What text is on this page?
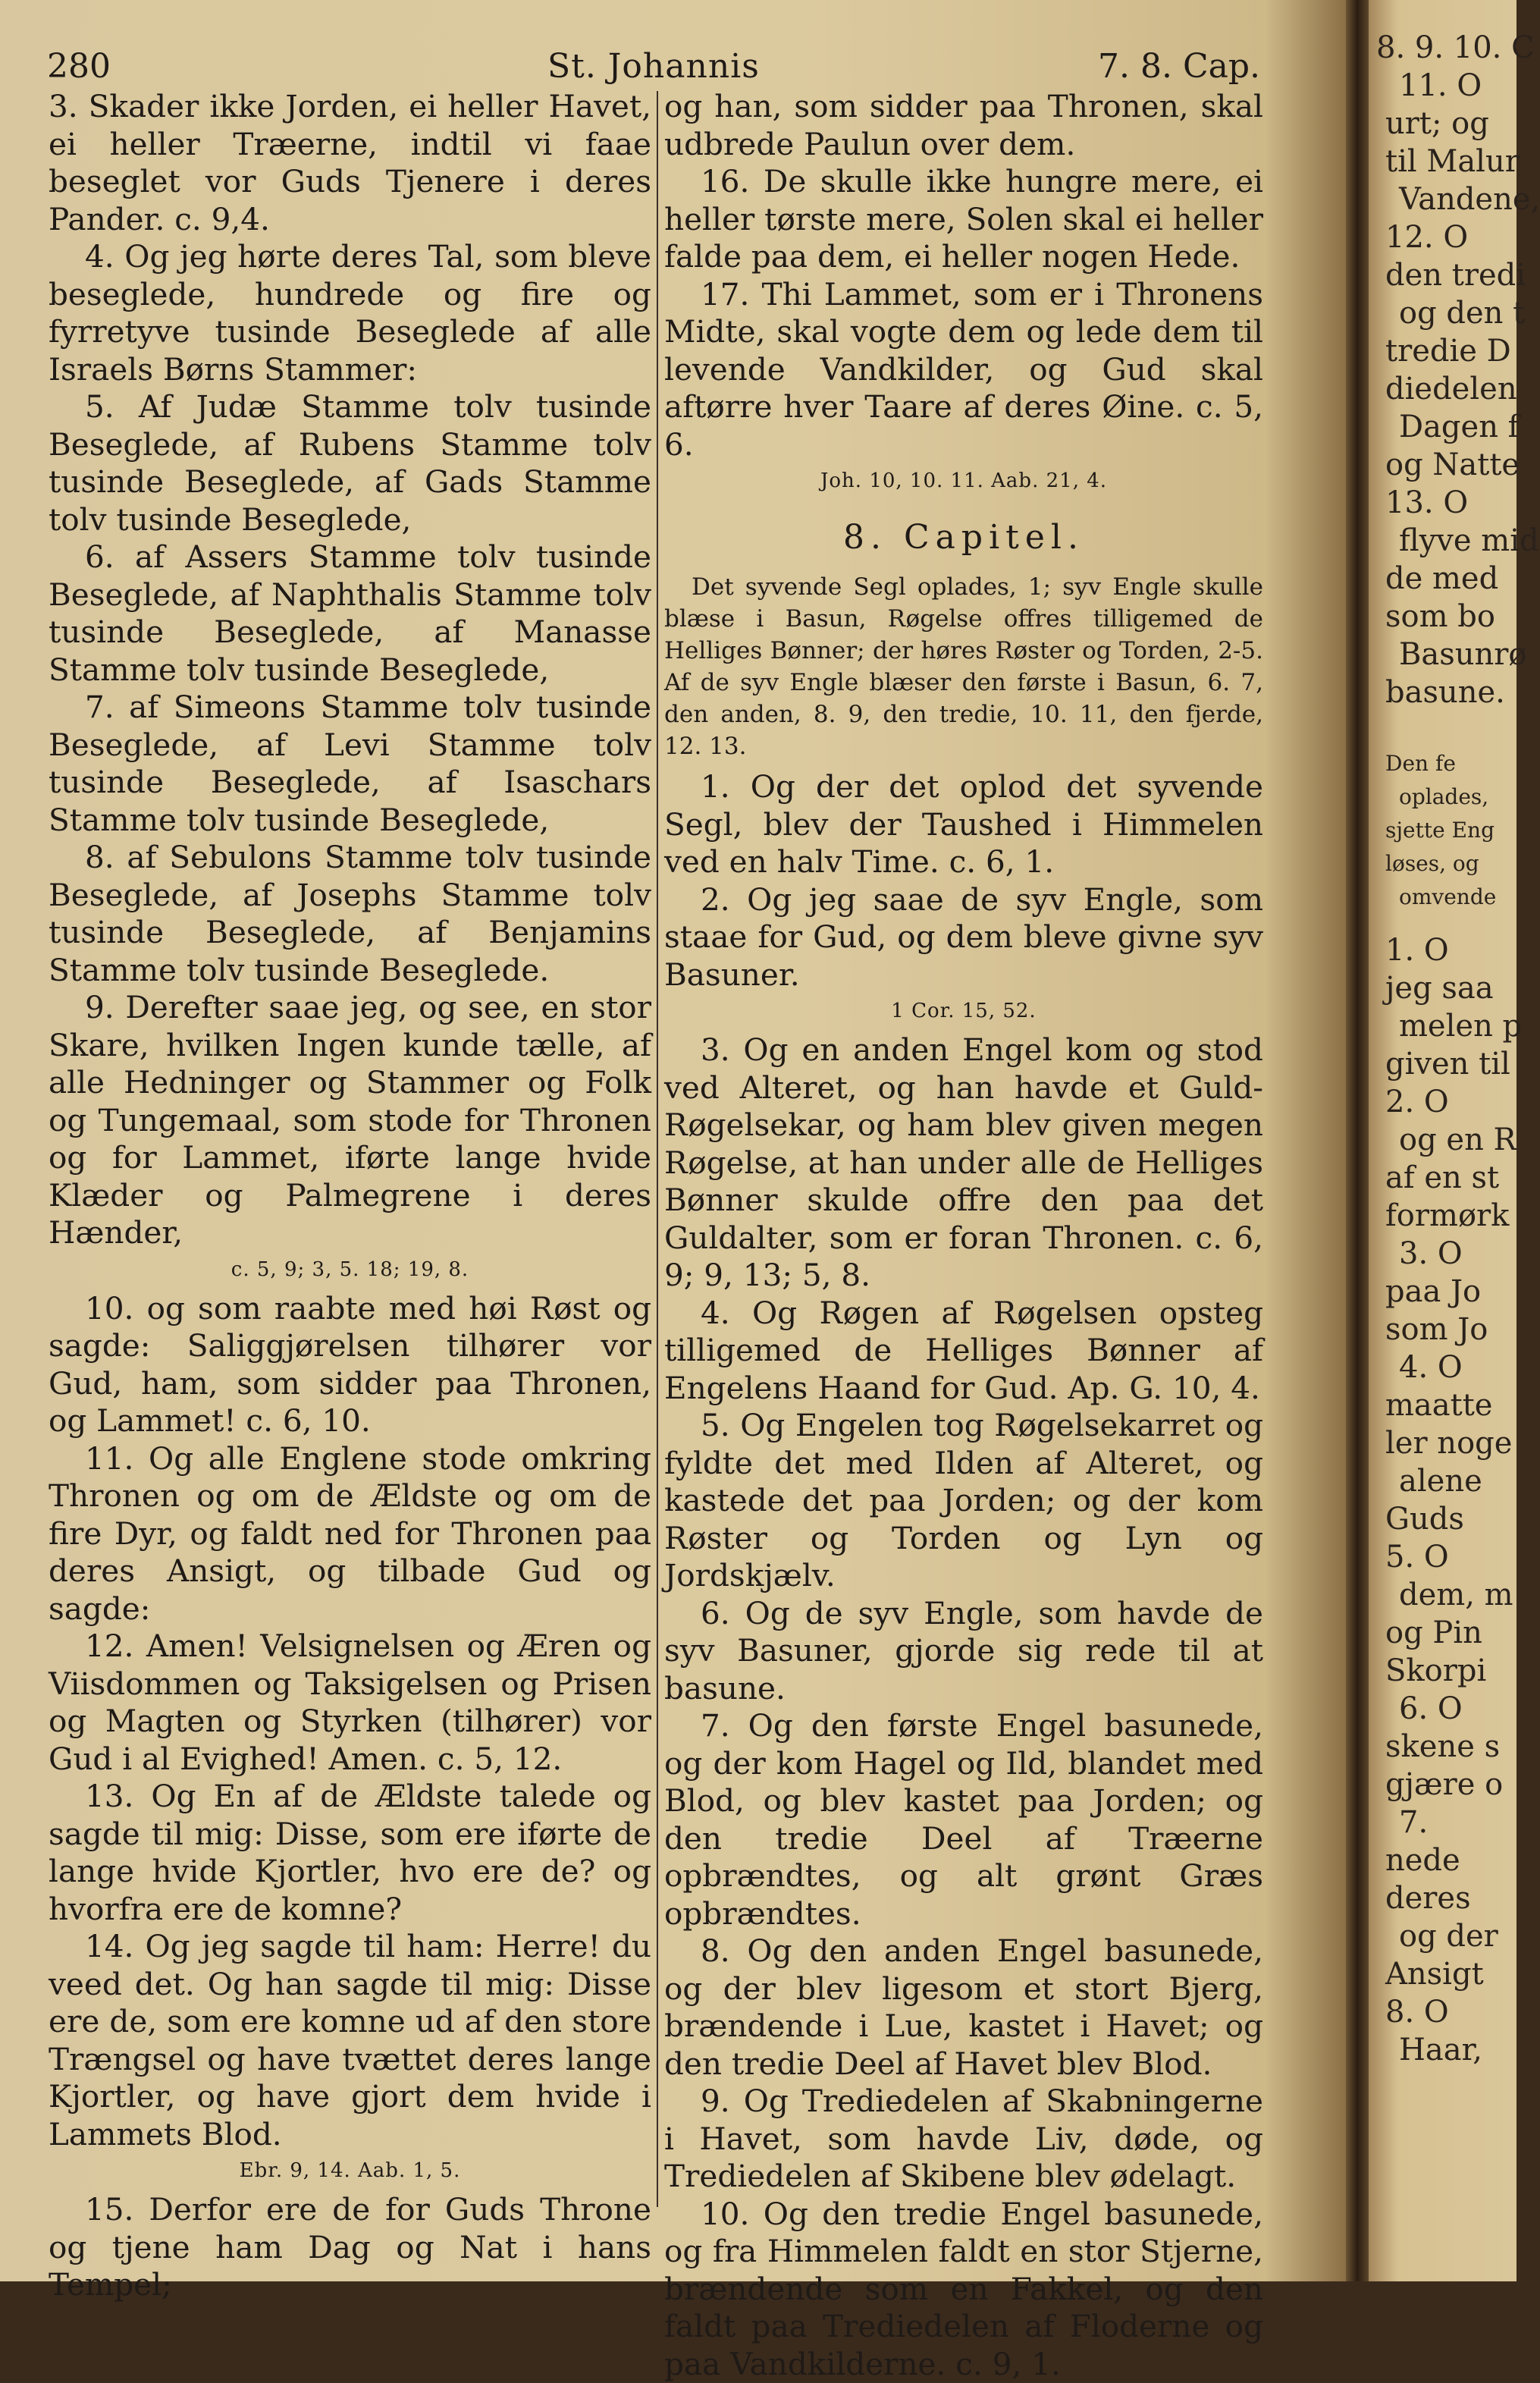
280	St. Johannis	7. 8. Cap.

3. Skader ikke Jorden, ei heller Havet, ei heller Træerne, indtil vi faae beseglet vor Guds Tjenere i deres Pander. c. 9,4.

4. Og jeg hørte deres Tal, som bleve beseglede, hundrede og fire og fyrretyve tusinde Beseglede af alle Israels Børns Stammer:

5. Af Judæ Stamme tolv tusinde Beseglede, af Rubens Stamme tolv tusinde Beseglede, af Gads Stamme tolv tusinde Beseglede,

6. af Assers Stamme tolv tusinde Beseglede, af Naphthalis Stamme tolv tusinde Beseglede, af Manasse Stamme tolv tusinde Beseglede,

7. af Simeons Stamme tolv tusinde Beseglede, af Levi Stamme tolv tusinde Beseglede, af Isaschars Stamme tolv tusinde Beseglede,

8. af Sebulons Stamme tolv tusinde Beseglede, af Josephs Stamme tolv tusinde Beseglede, af Benjamins Stamme tolv tusinde Beseglede.

9. Derefter saae jeg, og see, en stor Skare, hvilken Ingen kunde tælle, af alle Hedninger og Stammer og Folk og Tungemaal, som stode for Thronen og for Lammet, iførte lange hvide Klæder og Palmegrene i deres Hænder,

c. 5, 9; 3, 5. 18; 19, 8.

10. og som raabte med høi Røst og sagde: Saliggjørelsen tilhører vor Gud, ham, som sidder paa Thronen, og Lammet! c. 6, 10.

11. Og alle Englene stode omkring Thronen og om de Ældste og om de fire Dyr, og faldt ned for Thronen paa deres Ansigt, og tilbade Gud og sagde:

12. Amen! Velsignelsen og Æren og Viisdommen og Taksigelsen og Prisen og Magten og Styrken (tilhører) vor Gud i al Evighed! Amen. c. 5, 12.

13. Og En af de Ældste talede og sagde til mig: Disse, som ere iførte de lange hvide Kjortler, hvo ere de? og hvorfra ere de komne?

14. Og jeg sagde til ham: Herre! du veed det. Og han sagde til mig: Disse ere de, som ere komne ud af den store Trængsel og have tvættet deres lange Kjortler, og have gjort dem hvide i Lammets Blod.

Ebr. 9, 14. Aab. 1, 5.

15. Derfor ere de for Guds Throne og tjene ham Dag og Nat i hans Tempel;

og han, som sidder paa Thronen, skal udbrede Paulun over dem.

16. De skulle ikke hungre mere, ei heller tørste mere, Solen skal ei heller falde paa dem, ei heller nogen Hede.

17. Thi Lammet, som er i Thronens Midte, skal vogte dem og lede dem til levende Vandkilder, og Gud skal aftørre hver Taare af deres Øine. c. 5, 6.

Joh. 10, 10. 11. Aab. 21, 4.
8. Capitel.

Det syvende Segl oplades, 1; syv Engle skulle blæse i Basun, Røgelse offres tilligemed de Helliges Bønner; der høres Røster og Torden, 2-5. Af de syv Engle blæser den første i Basun, 6. 7, den anden, 8. 9, den tredie, 10. 11, den fjerde, 12. 13.

1. Og der det oplod det syvende Segl, blev der Taushed i Himmelen ved en halv Time. c. 6, 1.

2. Og jeg saae de syv Engle, som staae for Gud, og dem bleve givne syv Basuner.

1 Cor. 15, 52.

3. Og en anden Engel kom og stod ved Alteret, og han havde et Guld-Røgelsekar, og ham blev given megen Røgelse, at han under alle de Helliges Bønner skulde offre den paa det Guldalter, som er foran Thronen. c. 6, 9; 9, 13; 5, 8.

4. Og Røgen af Røgelsen opsteg tilligemed de Helliges Bønner af Engelens Haand for Gud. Ap. G. 10, 4.

5. Og Engelen tog Røgelsekarret og fyldte det med Ilden af Alteret, og kastede det paa Jorden; og der kom Røster og Torden og Lyn og Jordskjælv.

6. Og de syv Engle, som havde de syv Basuner, gjorde sig rede til at basune.

7. Og den første Engel basunede, og der kom Hagel og Ild, blandet med Blod, og blev kastet paa Jorden; og den tredie Deel af Træerne opbrændtes, og alt grønt Græs opbrændtes.

8. Og den anden Engel basunede, og der blev ligesom et stort Bjerg, brændende i Lue, kastet i Havet; og den tredie Deel af Havet blev Blod.

9. Og Trediedelen af Skabningerne i Havet, som havde Liv, døde, og Trediedelen af Skibene blev ødelagt.

10. Og den tredie Engel basunede, og fra Himmelen faldt en stor Stjerne, brændende som en Fakkel, og den faldt paa Trediedelen af Floderne og paa Vandkilderne. c. 9, 1.

8. 9. 10. C
11. O
urt; og
til Malur
Vandene,
12. O
den tredi
og den t
tredie D
diedelen
Dagen f
og Natte
13. O
flyve mid
de med
som bo
Basunrø
basune.
Den fe
oplades,
sjette Eng
løses, og
omvende
1. O
jeg saa
melen p
given til
2. O
og en R
af en st
formørk
3. O
paa Jo
som Jo
4. O
maatte
ler noge
alene
Guds
5. O
dem, m
og Pin
Skorpi
6. O
skene s
gjære o
7.
nede
deres
og der
Ansigt
8. O
Haar,
